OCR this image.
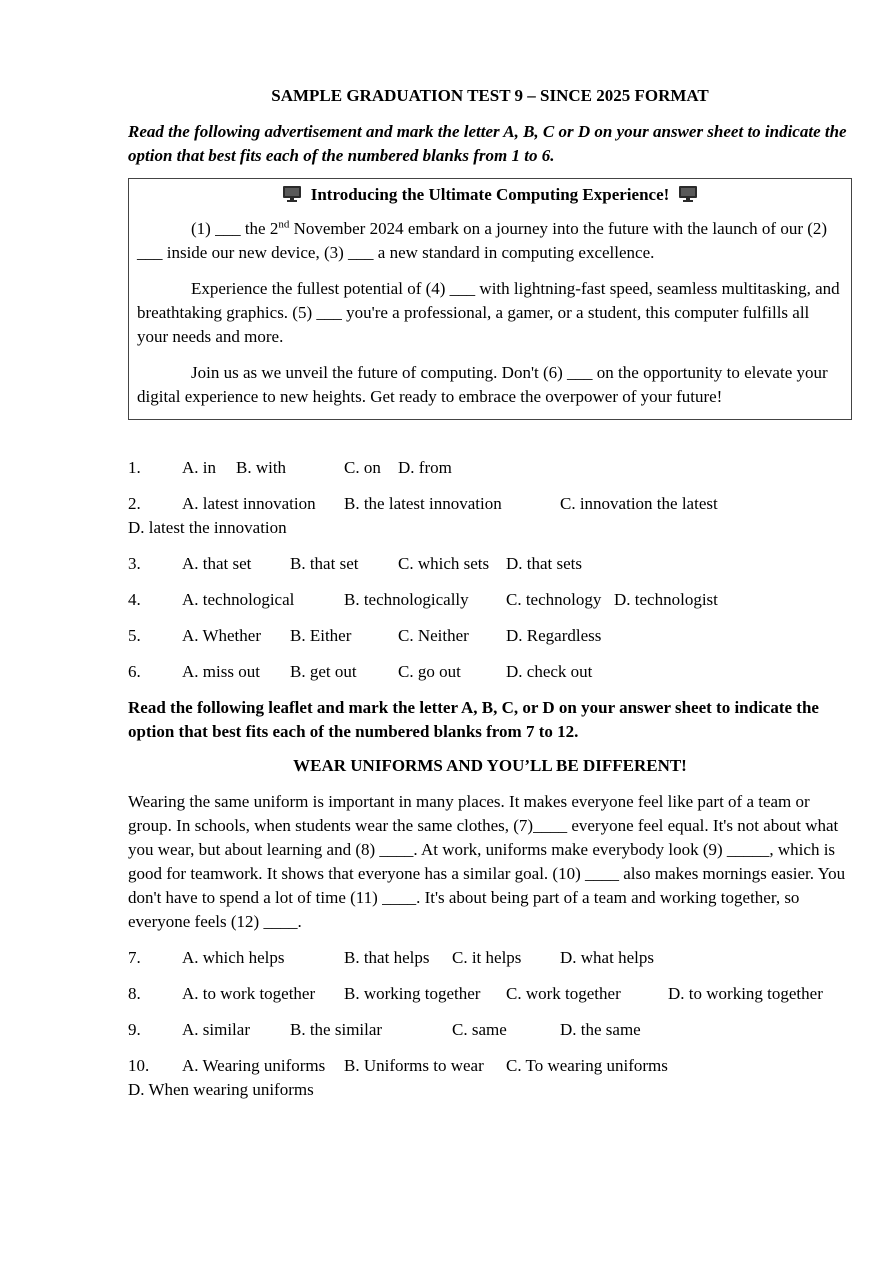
SAMPLE GRADUATION TEST 9 – SINCE 2025 FORMAT
Read the following advertisement and mark the letter A, B, C or D on your answer sheet to indicate the option that best fits each of the numbered blanks from 1 to 6.
Introducing the Ultimate Computing Experience!
(1) ___ the 2nd November 2024 embark on a journey into the future with the launch of our (2) ___ inside our new device, (3) ___ a new standard in computing excellence.
Experience the fullest potential of (4) ___ with lightning-fast speed, seamless multitasking, and breathtaking graphics. (5) ___ you're a professional, a gamer, or a student, this computer fulfills all your needs and more.
Join us as we unveil the future of computing. Don't (6) ___ on the opportunity to elevate your digital experience to new heights. Get ready to embrace the overpower of your future!
1. A. in B. with	C. on D. from
2. A. latest innovation B. the latest innovation	C. innovation the latestD. latest the innovation
3. A. that set B. that set C. which sets D. that sets
4. A. technological	B. technologically C. technology D. technologist
5. A. Whether B. Either	C. Neither D. Regardless
6. A. miss out B. get out C. go out	D. check out
Read the following leaflet and mark the letter A, B, C, or D on your answer sheet to indicate the option that best fits each of the numbered blanks from 7 to 12.
WEAR UNIFORMS AND YOU’LL BE DIFFERENT!
Wearing the same uniform is important in many places. It makes everyone feel like part of a team or group. In schools, when students wear the same clothes, (7)____ everyone feel equal. It's not about what you wear, but about learning and (8) ____. At work, uniforms make everybody look (9) _____, which is good for teamwork. It shows that everyone has a similar goal. (10) ____ also makes mornings easier. You don't have to spend a lot of time (11) ____. It's about being part of a team and working together, so everyone feels (12) ____.
7. A. which helps	B. that helps C. it helps D. what helps
8. A. to work together B. working together C. work together	D. to working together
9. A. similar B. the similar	C. same	D. the same
10. A. Wearing uniforms B. Uniforms to wear C. To wearing uniformsD. When wearing uniforms
